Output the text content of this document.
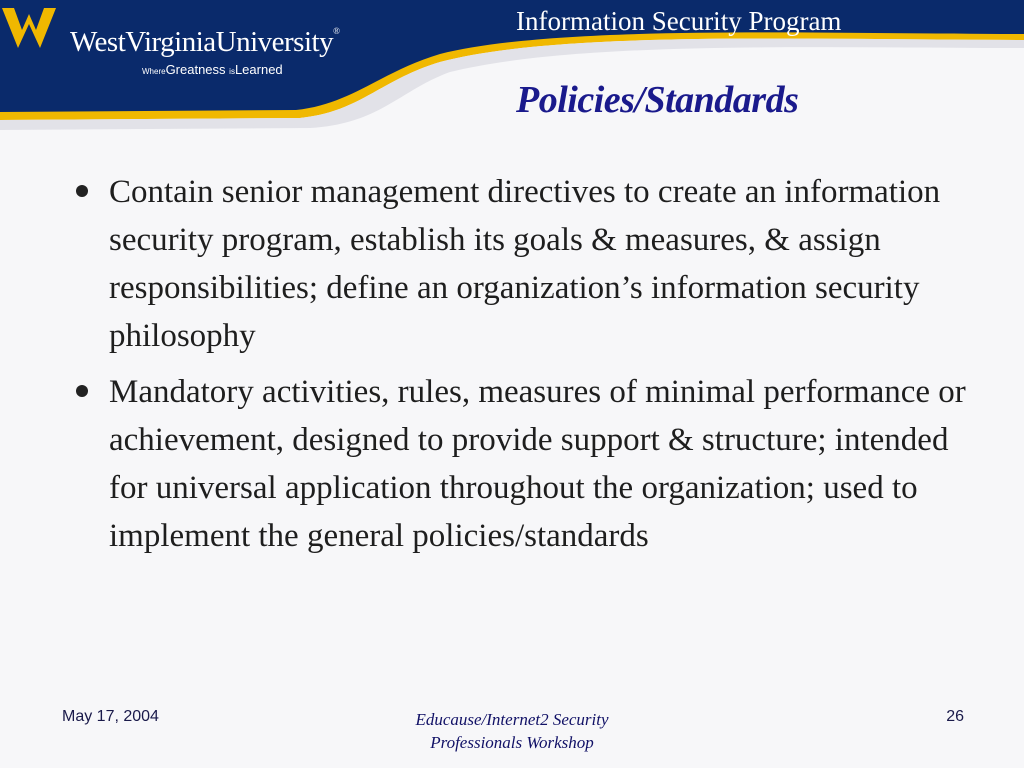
WestVirginiaUniversity®
WhereGreatness isLearned
Information Security Program
Policies/Standards
Contain senior management directives to create an information security program, establish its goals & measures, & assign responsibilities; define an organization’s information security philosophy
Mandatory activities, rules, measures of minimal performance or achievement, designed to provide support & structure; intended for universal application throughout the organization; used to implement the general policies/standards
May 17, 2004	Educause/Internet2 Security
Professionals Workshop
26
